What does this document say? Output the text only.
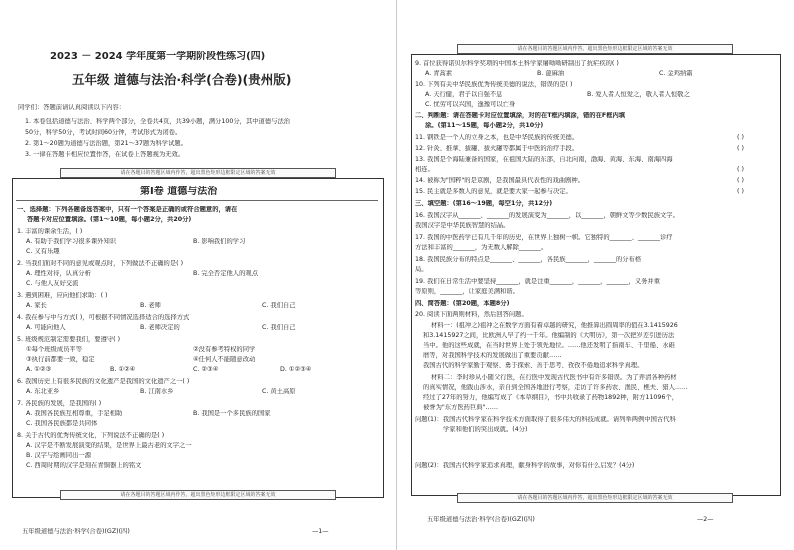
2023 － 2024 学年度第一学期阶段性练习(四)
五年级 道德与法治·科学(合卷)(贵州版)
同学们：答题前请认真阅读以下内容：
1. 本卷包括道德与法治、科学两个部分，全卷共4页，共39小题，满分100分，其中道德与法治
50分，科学50分，考试时间60分钟，考试形式为闭卷。
2. 第1～20题为道德与法治题，第21～37题为科学试题。
3. 一律在答题卡相应位置作答，在试卷上答题视为无效。
请在各题目的答题区域内作答，超出黑色矩形边框限定区域的答案无效
第Ⅰ卷 道德与法治
一、选择题：下列各题备选答案中，只有一个答案是正确的或符合题意的，请在
答题卡对应位置填涂。(第1～10题，每小题2分，共20分)
1. 丰富的课余生活，( )
A. 有助于我们学习很多课外知识	B. 影响我们的学习
C. 又有乐趣
2. 当我们面对不同的意见或观点时，下列做法不正确的是( )
A. 理性对待，认真分析	B. 完全否定他人的观点
C. 与他人友好交流
3. 遇到困难，应向他们求助：( )
A. 家长	B. 老师	C. 我们自己
4. 我在参与中与方式( )，可根据不同情况选择适合的选择方式
A. 可能向他人	B. 老师决定的	C. 我们自己
5. 班级规范制定需要我们，要遵守( )
①每个班级成员平等	②没有参考特权的同学
③执行前都要一致，稳定	④任何人不能随意改动
A. ①②③	B. ①②④	C. ②③④	D. ①②③④
6. 我国历史上有很多民族的文化遗产是我国的文化遗产之一( )
A. 东北亚乡	B. 江南水乡	C. 黄土高原
7. 各民族的发展，是我国的( )
A. 我国各民族互相尊重，手足相助	B. 我国是一个多民族的国家
C. 我国各民族都是共同体
8. 关于古代的优秀传统文化，下列说法不正确的是( )
A. 汉字是不断发展演变的结果，是世界上最古老的文字之一
B. 汉字与绘画同出一源
C. 西周时期的汉字是刻在青铜器上的铭文
请在各题目的答题区域内作答，超出黑色矩形边框限定区域的答案无效
五年级道德与法治·科学(合卷)(GZ)(四)	—1—
请在各题目的答题区域内作答，超出黑色矩形边框限定区域的答案无效
9. 首位获得诺贝尔科学奖项的中国本土科学家屠呦呦研制出了抗疟疾的( )
A. 青蒿素	B. 蓖麻油	C. 金鸡纳霜
10. 下列有关中华民族优秀传统美德的说法，错误的是( )
A. 天行健，君子以自强不息	B. 爱人者人恒爱之，敬人者人恒敬之
C. 忧劳可以兴国，逸豫可以亡身
二、判断题：请在答题卡对应位置填涂，对的在T框内填涂，错的在F框内填
涂。(第11～15题，每小题2分，共10分)
11. 钢铁是一个人的立身之本，也是中华民族的传统美德。
12. 针灸、推拿、拔罐、拔火罐等都属于中医的治疗手段。
13. 我国是个海陆兼备的国家，在祖国大陆的东部，自北向南，渤海、黄海、东海、南海四海
相连。
14. 被称为"国粹"的是京剧，是我国最具代表性的戏曲剧种。
15. 民主就是多数人的意见，就是要大家一起参与决定。
( )
( )
( )
( )
( )
三、填空题：(第16～19题，每空1分，共12分)
16. 我国汉字从_______、_______的发展演变为_______，以_______，朝鲜文等少数民族文字。
我国汉字是中华民族智慧的结晶。
17. 我国的中医药学已有几千年的历史，在世界上独树一帜。它独特的_______、_______诊疗
方法和丰富的_______，为无数人解除_______。
18. 我国民族分布的特点是_______、_______，各民族_______，_______的分布格
局。
19. 我们在日常生活中要坚持_______，就是注重_______，_______，_______，义务并重
等原则，_______，让家庭美满和谐。
四、简答题：(第20题，本题8分)
20. 阅读下面两则材料，然后回答问题。
材料一：(祖冲之)祖冲之在数学方面有着卓越的研究，他推算出圆周率的值在3.1415926
和3.1415927之间，比欧洲人早了约一千年。他编制的《大明历》，第一次把岁差引进历法
当中。他的这些成就，在当时世界上处于领先地位。……他还发明了指南车、千里船、水碓
磨等，对我国科学技术的发展做出了重要贡献……
我国古代的科学家勤于观察、勇于探索、善于思考、孜孜不倦地追求科学真理。
材料二：李时珍从小随父行医，在行医中发现古代医书中有许多错误。为了弄清各种药材
的真实情况，他跋山涉水，亲自到全国各地进行考察，走访了许多药农、渔民、樵夫、猎人……
经过了27年的努力，他编写成了《本草纲目》，书中共收录了药物1892种，附方11096个，
被誉为"东方医药巨典"……
问题(1)：我国古代科学家在科学技术方面取得了很多伟大的科技成就。请列举两例中国古代科
学家和他们的突出成就。(4分)
问题(2)：我国古代科学家追求真理，献身科学的故事，对你有什么启发？(4分)
请在各题目的答题区域内作答，超出黑色矩形边框限定区域的答案无效
五年级道德与法治·科学(合卷)(GZ)(四)	—2—
